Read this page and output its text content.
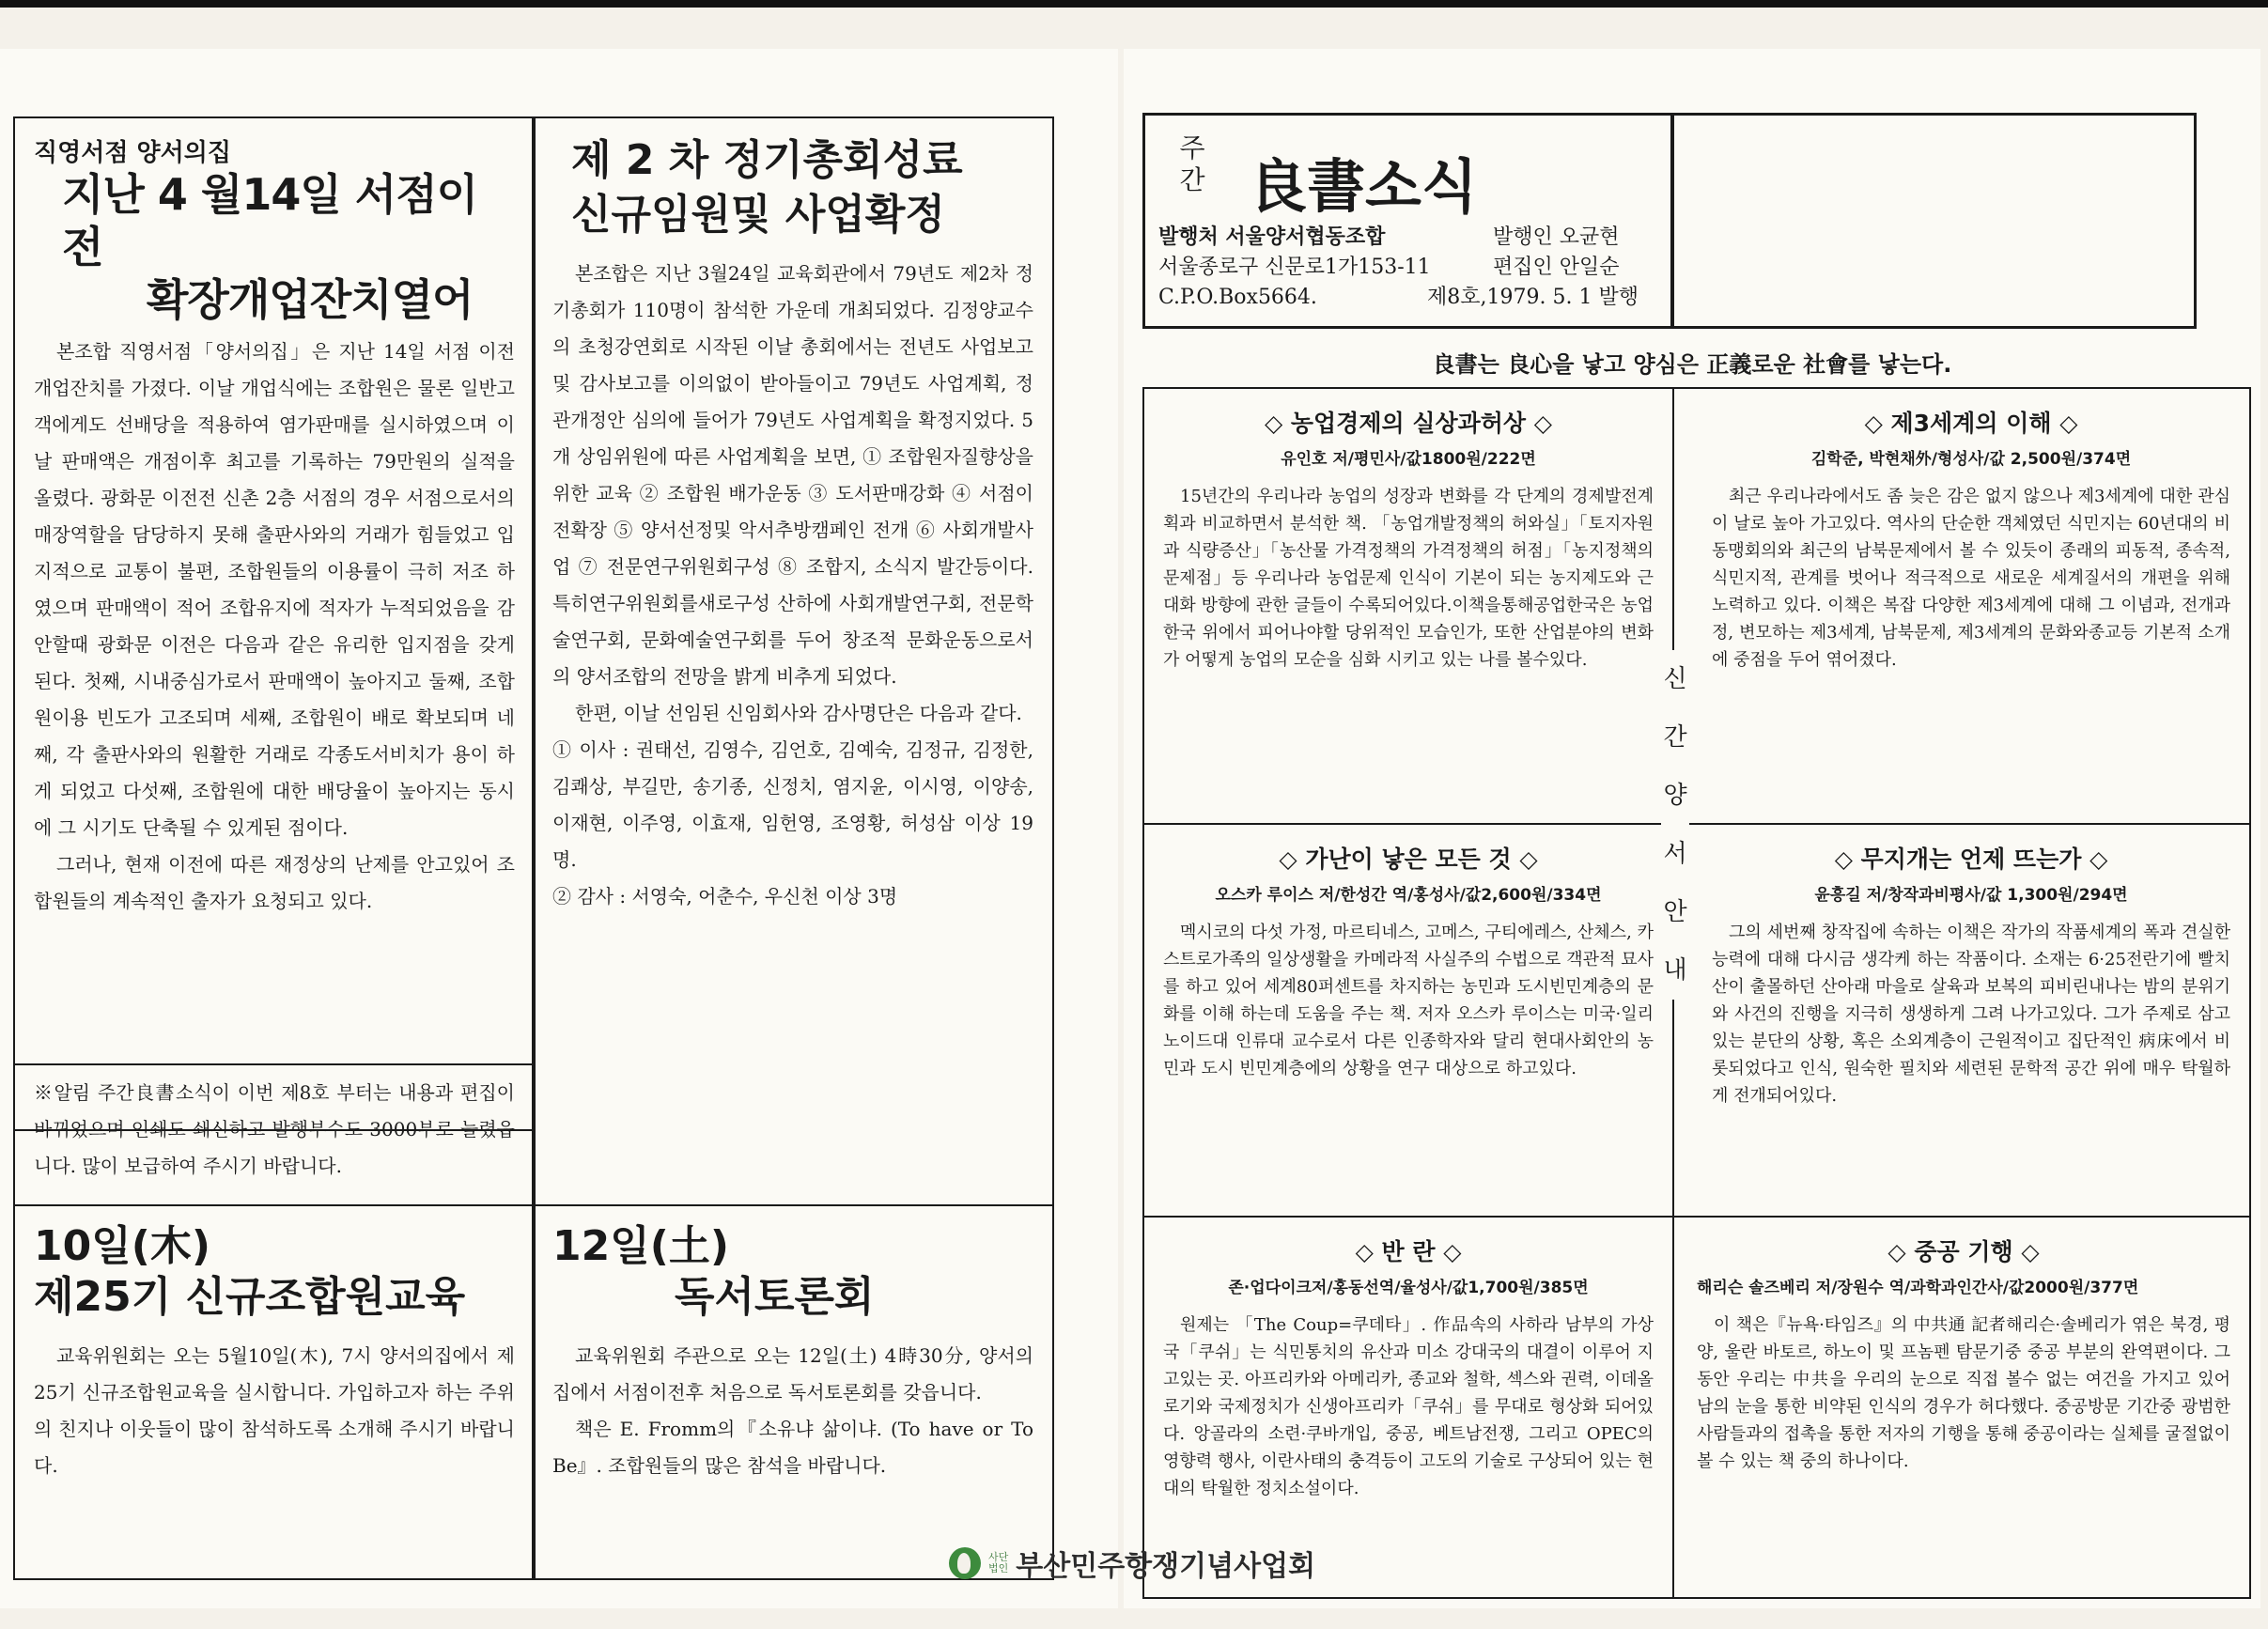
직영서점 양서의집

지난 4 월14일 서점이전

확장개업잔치열어

본조합 직영서점「양서의집」은 지난 14일 서점 이전 개업잔치를 가졌다. 이날 개업식에는 조합원은 물론 일반고객에게도 선배당을 적용하여 염가판매를 실시하였으며 이날 판매액은 개점이후 최고를 기록하는 79만원의 실적을 올렸다. 광화문 이전전 신촌 2층 서점의 경우 서점으로서의 매장역할을 담당하지 못해 출판사와의 거래가 힘들었고 입지적으로 교통이 불편, 조합원들의 이용률이 극히 저조 하였으며 판매액이 적어 조합유지에 적자가 누적되었음을 감안할때 광화문 이전은 다음과 같은 유리한 입지점을 갖게 된다. 첫째, 시내중심가로서 판매액이 높아지고 둘째, 조합원이용 빈도가 고조되며 세째, 조합원이 배로 확보되며 네째, 각 출판사와의 원활한 거래로 각종도서비치가 용이 하게 되었고 다섯째, 조합원에 대한 배당율이 높아지는 동시에 그 시기도 단축될 수 있게된 점이다.

그러나, 현재 이전에 따른 재정상의 난제를 안고있어 조합원들의 계속적인 출자가 요청되고 있다.

※알림 주간良書소식이 이번 제8호 부터는 내용과 편집이 바뀌었으며 인쇄도 쇄신하고 발행부수도 3000부로 늘렸읍니다. 많이 보급하여 주시기 바랍니다.

제 2 차 정기총회성료

신규임원및 사업확정

본조합은 지난 3월24일 교육회관에서 79년도 제2차 정기총회가 110명이 참석한 가운데 개최되었다. 김정양교수의 초청강연회로 시작된 이날 총회에서는 전년도 사업보고 및 감사보고를 이의없이 받아들이고 79년도 사업계획, 정관개정안 심의에 들어가 79년도 사업계획을 확정지었다. 5개 상임위원에 따른 사업계획을 보면, ① 조합원자질향상을 위한 교육 ② 조합원 배가운동 ③ 도서판매강화 ④ 서점이전확장 ⑤ 양서선정및 악서추방캠페인 전개 ⑥ 사회개발사업 ⑦ 전문연구위원회구성 ⑧ 조합지, 소식지 발간등이다.특히연구위원회를새로구성 산하에 사회개발연구회, 전문학술연구회, 문화예술연구회를 두어 창조적 문화운동으로서의 양서조합의 전망을 밝게 비추게 되었다.

한편, 이날 선임된 신임회사와 감사명단은 다음과 같다.

① 이사 : 권태선, 김영수, 김언호, 김예숙, 김정규, 김정한, 김쾌상, 부길만, 송기종, 신정치, 염지윤, 이시영, 이양송, 이재현, 이주영, 이효재, 임헌영, 조영황, 허성삼 이상 19명.

② 감사 : 서영숙, 어춘수, 우신천 이상 3명

10일(木)

제25기 신규조합원교육

교육위원회는 오는 5월10일(木), 7시 양서의집에서 제25기 신규조합원교육을 실시합니다. 가입하고자 하는 주위의 친지나 이웃들이 많이 참석하도록 소개해 주시기 바랍니다.

12일(土)

독서토론회

교육위원회 주관으로 오는 12일(土) 4時30分, 양서의 집에서 서점이전후 처음으로 독서토론회를 갖읍니다.

책은 E. Fromm의『소유냐 삶이냐. (To have or To Be』. 조합원들의 많은 참석을 바랍니다.

주간 良書소식
발행처 서울양서협동조합
서울종로구 신문로1가153-11
C.P.O.Box5664.
발행인 오균현
편집인 안일순
제8호,1979. 5. 1 발행
良書는 良心을 낳고 양심은 正義로운 社會를 낳는다.
◇ 농업경제의 실상과허상 ◇
유인호 저/평민사/값1800원/222면

15년간의 우리나라 농업의 성장과 변화를 각 단계의 경제발전계획과 비교하면서 분석한 책. 「농업개발정책의 허와실」「토지자원과 식량증산」「농산물 가격정책의 가격정책의 허점」「농지정책의 문제점」등 우리나라 농업문제 인식이 기본이 되는 농지제도와 근대화 방향에 관한 글들이 수록되어있다.이책을통해공업한국은 농업한국 위에서 피어나야할 당위적인 모습인가, 또한 산업분야의 변화가 어떻게 농업의 모순을 심화 시키고 있는 나를 볼수있다.

◇ 제3세계의 이해 ◇
김학준, 박현채外/형성사/값 2,500원/374면

최근 우리나라에서도 좀 늦은 감은 없지 않으나 제3세계에 대한 관심이 날로 높아 가고있다. 역사의 단순한 객체였던 식민지는 60년대의 비동맹회의와 최근의 남북문제에서 볼 수 있듯이 종래의 피동적, 종속적, 식민지적, 관계를 벗어나 적극적으로 새로운 세계질서의 개편을 위해 노력하고 있다. 이책은 복잡 다양한 제3세계에 대해 그 이념과, 전개과정, 변모하는 제3세계, 남북문제, 제3세계의 문화와종교등 기본적 소개에 중점을 두어 엮어졌다.

◇ 가난이 낳은 모든 것 ◇
오스카 루이스 저/한성간 역/홍성사/값2,600원/334면

멕시코의 다섯 가정, 마르티네스, 고메스, 구티에레스, 산체스, 카스트로가족의 일상생활을 카메라적 사실주의 수법으로 객관적 묘사를 하고 있어 세계80퍼센트를 차지하는 농민과 도시빈민계층의 문화를 이해 하는데 도움을 주는 책. 저자 오스카 루이스는 미국·일리노이드대 인류대 교수로서 다른 인종학자와 달리 현대사회안의 농민과 도시 빈민계층에의 상황을 연구 대상으로 하고있다.

◇ 무지개는 언제 뜨는가 ◇
윤흥길 저/창작과비평사/값 1,300원/294면

그의 세번째 창작집에 속하는 이책은 작가의 작품세계의 폭과 견실한 능력에 대해 다시금 생각케 하는 작품이다. 소재는 6·25전란기에 빨치산이 출몰하던 산아래 마을로 살육과 보복의 피비린내나는 밤의 분위기와 사건의 진행을 지극히 생생하게 그려 나가고있다. 그가 주제로 삼고있는 분단의 상황, 혹은 소외계층이 근원적이고 집단적인 病床에서 비롯되었다고 인식, 원숙한 필치와 세련된 문학적 공간 위에 매우 탁월하게 전개되어있다.

◇ 반 란 ◇
존·업다이크저/홍동선역/율성사/값1,700원/385면

원제는 「The Coup=쿠데타」. 作品속의 사하라 남부의 가상국「쿠쉬」는 식민통치의 유산과 미소 강대국의 대결이 이루어 지고있는 곳. 아프리카와 아메리카, 종교와 철학, 섹스와 권력, 이데올로기와 국제정치가 신생아프리카「쿠쉬」를 무대로 형상화 되어있다. 앙골라의 소련·쿠바개입, 중공, 베트남전쟁, 그리고 OPEC의 영향력 행사, 이란사태의 충격등이 고도의 기술로 구상되어 있는 현대의 탁월한 정치소설이다.

◇ 중공 기행 ◇
해리슨 솔즈베리 저/장원수 역/과학과인간사/값2000원/377면

이 책은『뉴욕·타임즈』의 中共通 記者해리슨·솔베리가 엮은 북경, 평양, 울란 바토르, 하노이 및 프놈펜 탐문기중 중공 부분의 완역편이다. 그동안 우리는 中共을 우리의 눈으로 직접 볼수 없는 여건을 가지고 있어 남의 눈을 통한 비약된 인식의 경우가 허다했다. 중공방문 기간중 광범한 사람들과의 접촉을 통한 저자의 기행을 통해 중공이라는 실체를 굴절없이 볼 수 있는 책 중의 하나이다.

신
간
양
서
안
내
사단
법인 부산민주항쟁기념사업회
